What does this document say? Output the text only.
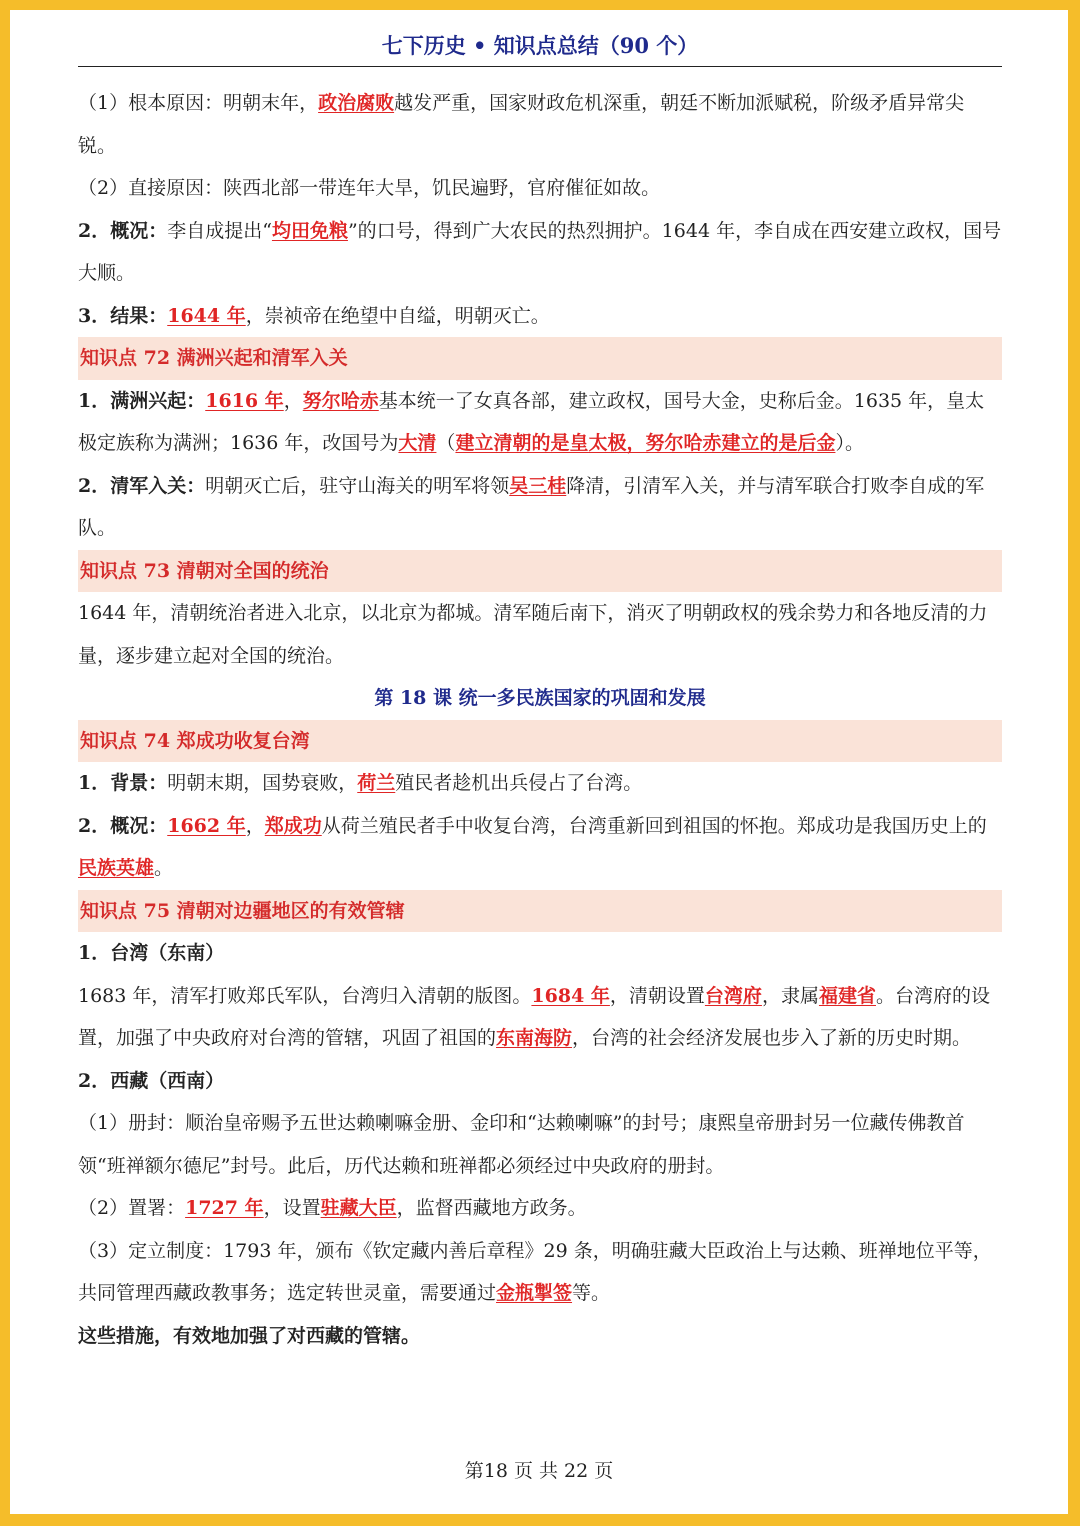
七下历史 • 知识点总结（90 个）

（1）根本原因：明朝末年，政治腐败越发严重，国家财政危机深重，朝廷不断加派赋税，阶级矛盾异常尖锐。

（2）直接原因：陕西北部一带连年大旱，饥民遍野，官府催征如故。

2．概况：李自成提出“均田免粮”的口号，得到广大农民的热烈拥护。1644 年，李自成在西安建立政权，国号大顺。

3．结果：1644 年，崇祯帝在绝望中自缢，明朝灭亡。

知识点 72 满洲兴起和清军入关

1．满洲兴起：1616 年，努尔哈赤基本统一了女真各部，建立政权，国号大金，史称后金。1635 年，皇太极定族称为满洲；1636 年，改国号为大清（建立清朝的是皇太极，努尔哈赤建立的是后金）。

2．清军入关：明朝灭亡后，驻守山海关的明军将领吴三桂降清，引清军入关，并与清军联合打败李自成的军队。

知识点 73 清朝对全国的统治

1644 年，清朝统治者进入北京，以北京为都城。清军随后南下，消灭了明朝政权的残余势力和各地反清的力量，逐步建立起对全国的统治。

第 18 课 统一多民族国家的巩固和发展

知识点 74 郑成功收复台湾

1．背景：明朝末期，国势衰败，荷兰殖民者趁机出兵侵占了台湾。

2．概况：1662 年，郑成功从荷兰殖民者手中收复台湾，台湾重新回到祖国的怀抱。郑成功是我国历史上的民族英雄。

知识点 75 清朝对边疆地区的有效管辖

1．台湾（东南）

1683 年，清军打败郑氏军队，台湾归入清朝的版图。1684 年，清朝设置台湾府，隶属福建省。台湾府的设置，加强了中央政府对台湾的管辖，巩固了祖国的东南海防，台湾的社会经济发展也步入了新的历史时期。

2．西藏（西南）

（1）册封：顺治皇帝赐予五世达赖喇嘛金册、金印和“达赖喇嘛”的封号；康熙皇帝册封另一位藏传佛教首领“班禅额尔德尼”封号。此后，历代达赖和班禅都必须经过中央政府的册封。

（2）置署：1727 年，设置驻藏大臣，监督西藏地方政务。

（3）定立制度：1793 年，颁布《钦定藏内善后章程》29 条，明确驻藏大臣政治上与达赖、班禅地位平等，共同管理西藏政教事务；选定转世灵童，需要通过金瓶掣签等。

这些措施，有效地加强了对西藏的管辖。

第18 页 共 22 页
